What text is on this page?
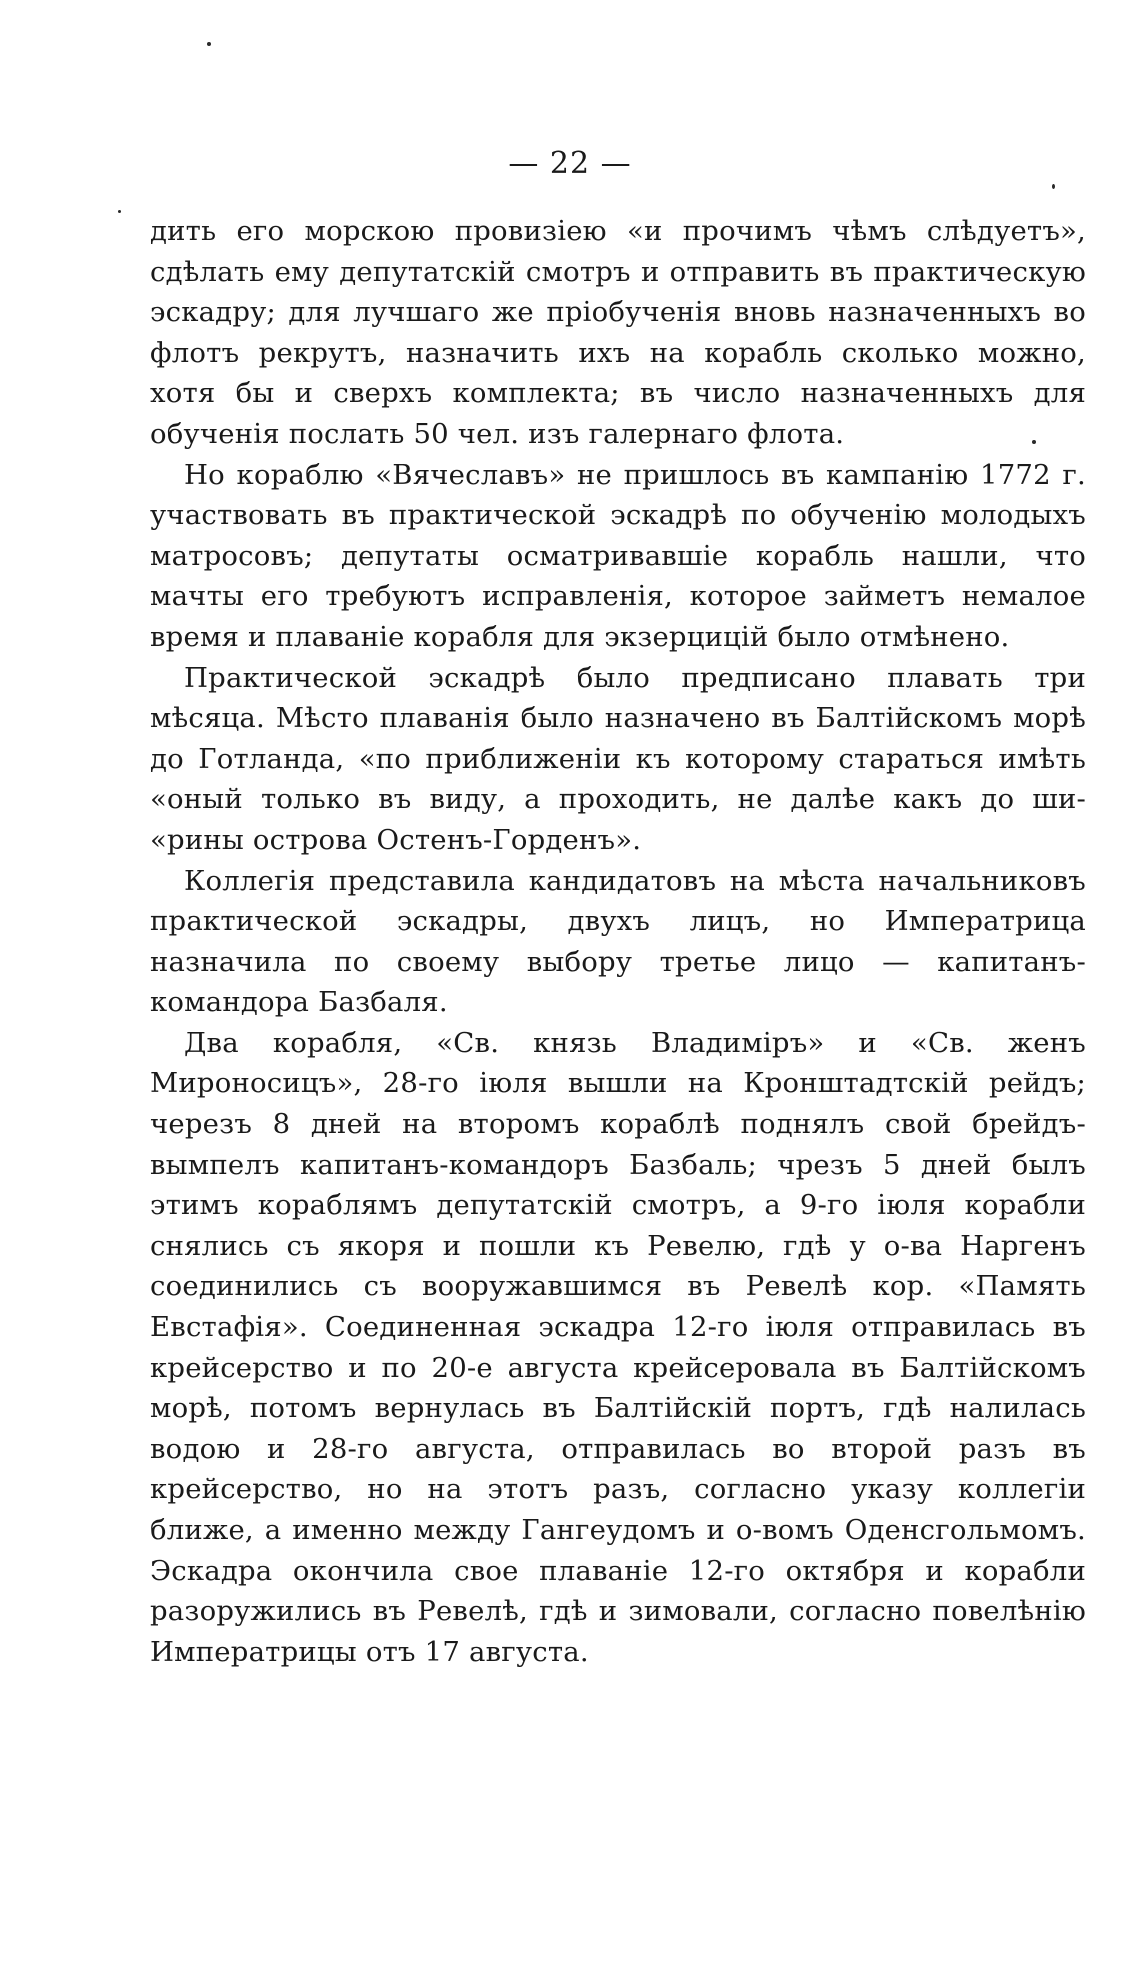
— 22 —

дить его морскою провизіею «и прочимъ чѣмъ слѣдуетъ», сдѣлать ему депутатскій смотръ и отправить въ практическую эскадру; для лучшаго же пріобученія вновь назначенныхъ во флотъ рекрутъ, назначить ихъ на корабль сколько можно, хотя бы и сверхъ комплекта; въ число назначенныхъ для обученія послать 50 чел. изъ галернаго флота.

Но кораблю «Вячеславъ» не пришлось въ кампанію 1772 г. участвовать въ практической эскадрѣ по обученію молодыхъ матросовъ; депутаты осматривавшіе корабль нашли, что мачты его требуютъ исправленія, которое займетъ немалое время и плаваніе корабля для экзерцицій было отмѣнено.

Практической эскадрѣ было предписано плавать три мѣсяца. Мѣсто плаванія было назначено въ Балтійскомъ морѣ до Готланда, «по приближеніи къ которому стараться имѣть «оный только въ виду, а проходить, не далѣе какъ до ши- «рины острова Остенъ-Горденъ».

Коллегія представила кандидатовъ на мѣста начальниковъ практической эскадры, двухъ лицъ, но Императрица назначила по своему выбору третье лицо — капитанъ-командора Базбаля.

Два корабля, «Св. князь Владиміръ» и «Св. женъ Мироносицъ», 28-го іюля вышли на Кронштадтскій рейдъ; черезъ 8 дней на второмъ кораблѣ поднялъ свой брейдъ-вымпелъ капитанъ-командоръ Базбаль; чрезъ 5 дней былъ этимъ кораблямъ депутатскій смотръ, а 9-го іюля корабли снялись съ якоря и пошли къ Ревелю, гдѣ у о-ва Наргенъ соединились съ вооружавшимся въ Ревелѣ кор. «Память Евстафія». Соединенная эскадра 12-го іюля отправилась въ крейсерство и по 20-е августа крейсеровала въ Балтійскомъ морѣ, потомъ вернулась въ Балтійскій портъ, гдѣ налилась водою и 28-го августа, отправилась во второй разъ въ крейсерство, но на этотъ разъ, согласно указу коллегіи ближе, а именно между Гангеудомъ и о-вомъ Оденсгольмомъ. Эскадра окончила свое плаваніе 12-го октября и корабли разоружились въ Ревелѣ, гдѣ и зимовали, согласно повелѣнію Императрицы отъ 17 августа.
